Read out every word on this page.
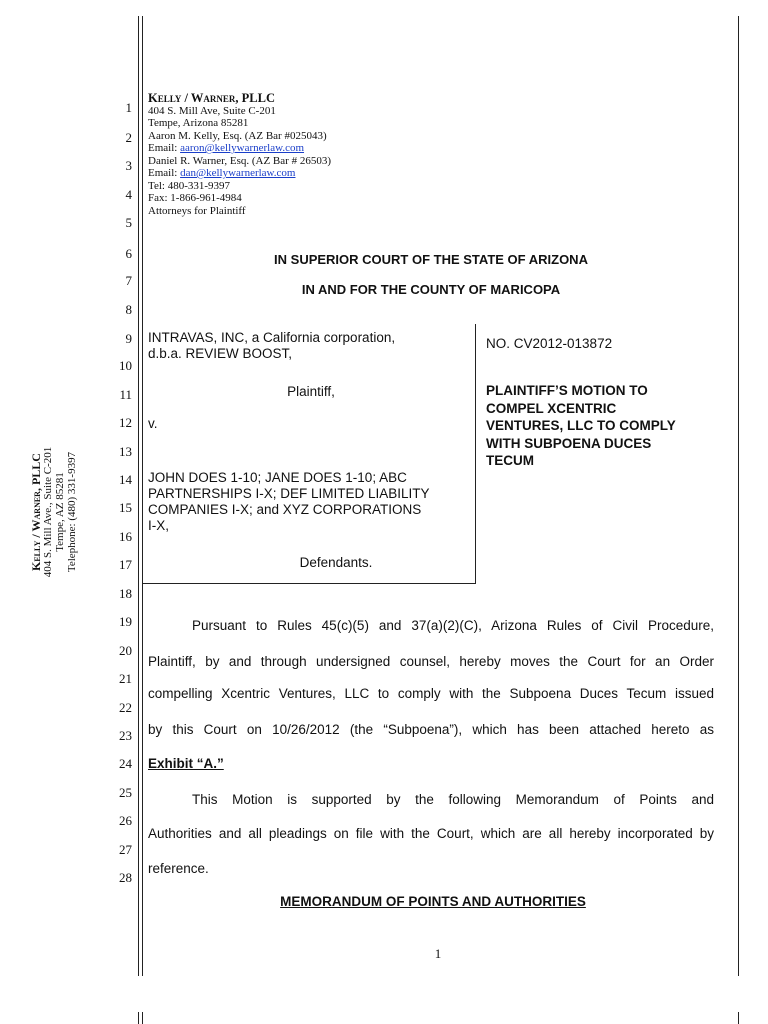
Kelly / Warner, PLLC 404 S. Mill Ave., Suite C-201 Tempe, AZ 85281 Telephone: (480) 331-9397
1
2
3
4
5
6
7
8
9
10
11
12
13
14
15
16
17
18
19
20
21
22
23
24
25
26
27
28
Kelly / Warner, PLLC
404 S. Mill Ave, Suite C-201
Tempe, Arizona 85281
Aaron M. Kelly, Esq. (AZ Bar #025043)
Email: aaron@kellywarnerlaw.com
Daniel R. Warner, Esq. (AZ Bar # 26503)
Email: dan@kellywarnerlaw.com
Tel: 480-331-9397
Fax: 1-866-961-4984
Attorneys for Plaintiff
IN SUPERIOR COURT OF THE STATE OF ARIZONA
IN AND FOR THE COUNTY OF MARICOPA
INTRAVAS, INC, a California corporation,
d.b.a. REVIEW BOOST,
Plaintiff,
v.
JOHN DOES 1-10; JANE DOES 1-10; ABC
PARTNERSHIPS I-X; DEF LIMITED LIABILITY
COMPANIES I-X; and XYZ CORPORATIONS
I-X,
Defendants.
NO. CV2012-013872
PLAINTIFF’S MOTION TO
COMPEL XCENTRIC
VENTURES, LLC TO COMPLY
WITH SUBPOENA DUCES
TECUM
Pursuant to Rules 45(c)(5) and 37(a)(2)(C), Arizona Rules of Civil Procedure,
Plaintiff, by and through undersigned counsel, hereby moves the Court for an Order
compelling Xcentric Ventures, LLC to comply with the Subpoena Duces Tecum issued
by this Court on 10/26/2012 (the “Subpoena”), which has been attached hereto as
Exhibit “A.”
This Motion is supported by the following Memorandum of Points and
Authorities and all pleadings on file with the Court, which are all hereby incorporated by
reference.
MEMORANDUM OF POINTS AND AUTHORITIES
1
